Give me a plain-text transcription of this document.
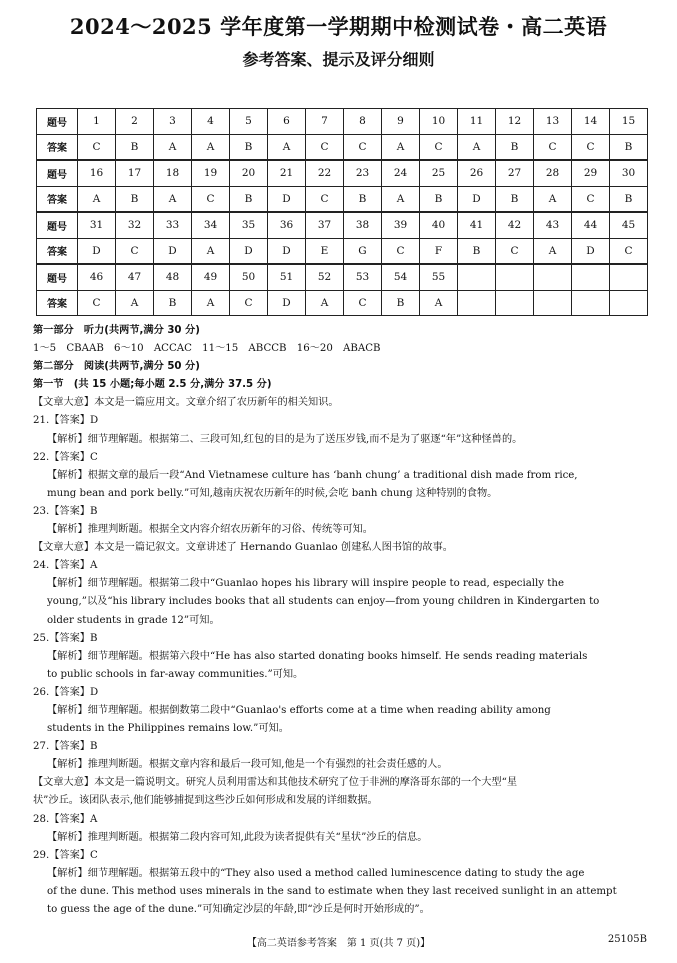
2024～2025 学年度第一学期期中检测试卷・高二英语
参考答案、提示及评分细则
题号	1	2	3	4	5	6	7	8	9	10	11	12	13	14	15
答案	C	B	A	A	B	A	C	C	A	C	A	B	C	C	B
题号	16	17	18	19	20	21	22	23	24	25	26	27	28	29	30
答案	A	B	A	C	B	D	C	B	A	B	D	B	A	C	B
题号	31	32	33	34	35	36	37	38	39	40	41	42	43	44	45
答案	D	C	D	A	D	D	E	G	C	F	B	C	A	D	C
题号	46	47	48	49	50	51	52	53	54	55					
答案	C	A	B	A	C	D	A	C	B	A					

第一部分　听力(共两节,满分 30 分)

1～5　CBAAB　6～10　ACCAC　11～15　ABCCB　16～20　ABACB

第二部分　阅读(共两节,满分 50 分)

第一节　(共 15 小题;每小题 2.5 分,满分 37.5 分)

【文章大意】本文是一篇应用文。文章介绍了农历新年的相关知识。

21.【答案】D

【解析】细节理解题。根据第二、三段可知,红包的目的是为了送压岁钱,而不是为了驱逐“年”这种怪兽的。

22.【答案】C

【解析】根据文章的最后一段“And Vietnamese culture has ‘banh chung’ a traditional dish made from rice,

mung bean and pork belly.”可知,越南庆祝农历新年的时候,会吃 banh chung 这种特别的食物。

23.【答案】B

【解析】推理判断题。根据全文内容介绍农历新年的习俗、传统等可知。

【文章大意】本文是一篇记叙文。文章讲述了 Hernando Guanlao 创建私人图书馆的故事。

24.【答案】A

【解析】细节理解题。根据第二段中“Guanlao hopes his library will inspire people to read, especially the

young,”以及“his library includes books that all students can enjoy—from young children in Kindergarten to

older students in grade 12”可知。

25.【答案】B

【解析】细节理解题。根据第六段中“He has also started donating books himself. He sends reading materials

to public schools in far-away communities.”可知。

26.【答案】D

【解析】细节理解题。根据倒数第二段中“Guanlao's efforts come at a time when reading ability among

students in the Philippines remains low.”可知。

27.【答案】B

【解析】推理判断题。根据文章内容和最后一段可知,他是一个有强烈的社会责任感的人。

【文章大意】本文是一篇说明文。研究人员利用雷达和其他技术研究了位于非洲的摩洛哥东部的一个大型“星

状”沙丘。该团队表示,他们能够捕捉到这些沙丘如何形成和发展的详细数据。

28.【答案】A

【解析】推理判断题。根据第二段内容可知,此段为读者提供有关“星状”沙丘的信息。

29.【答案】C

【解析】细节理解题。根据第五段中的“They also used a method called luminescence dating to study the age

of the dune. This method uses minerals in the sand to estimate when they last received sunlight in an attempt

to guess the age of the dune.”可知确定沙层的年龄,即“沙丘是何时开始形成的”。

【高二英语参考答案　第 1 页(共 7 页)】	25105B
